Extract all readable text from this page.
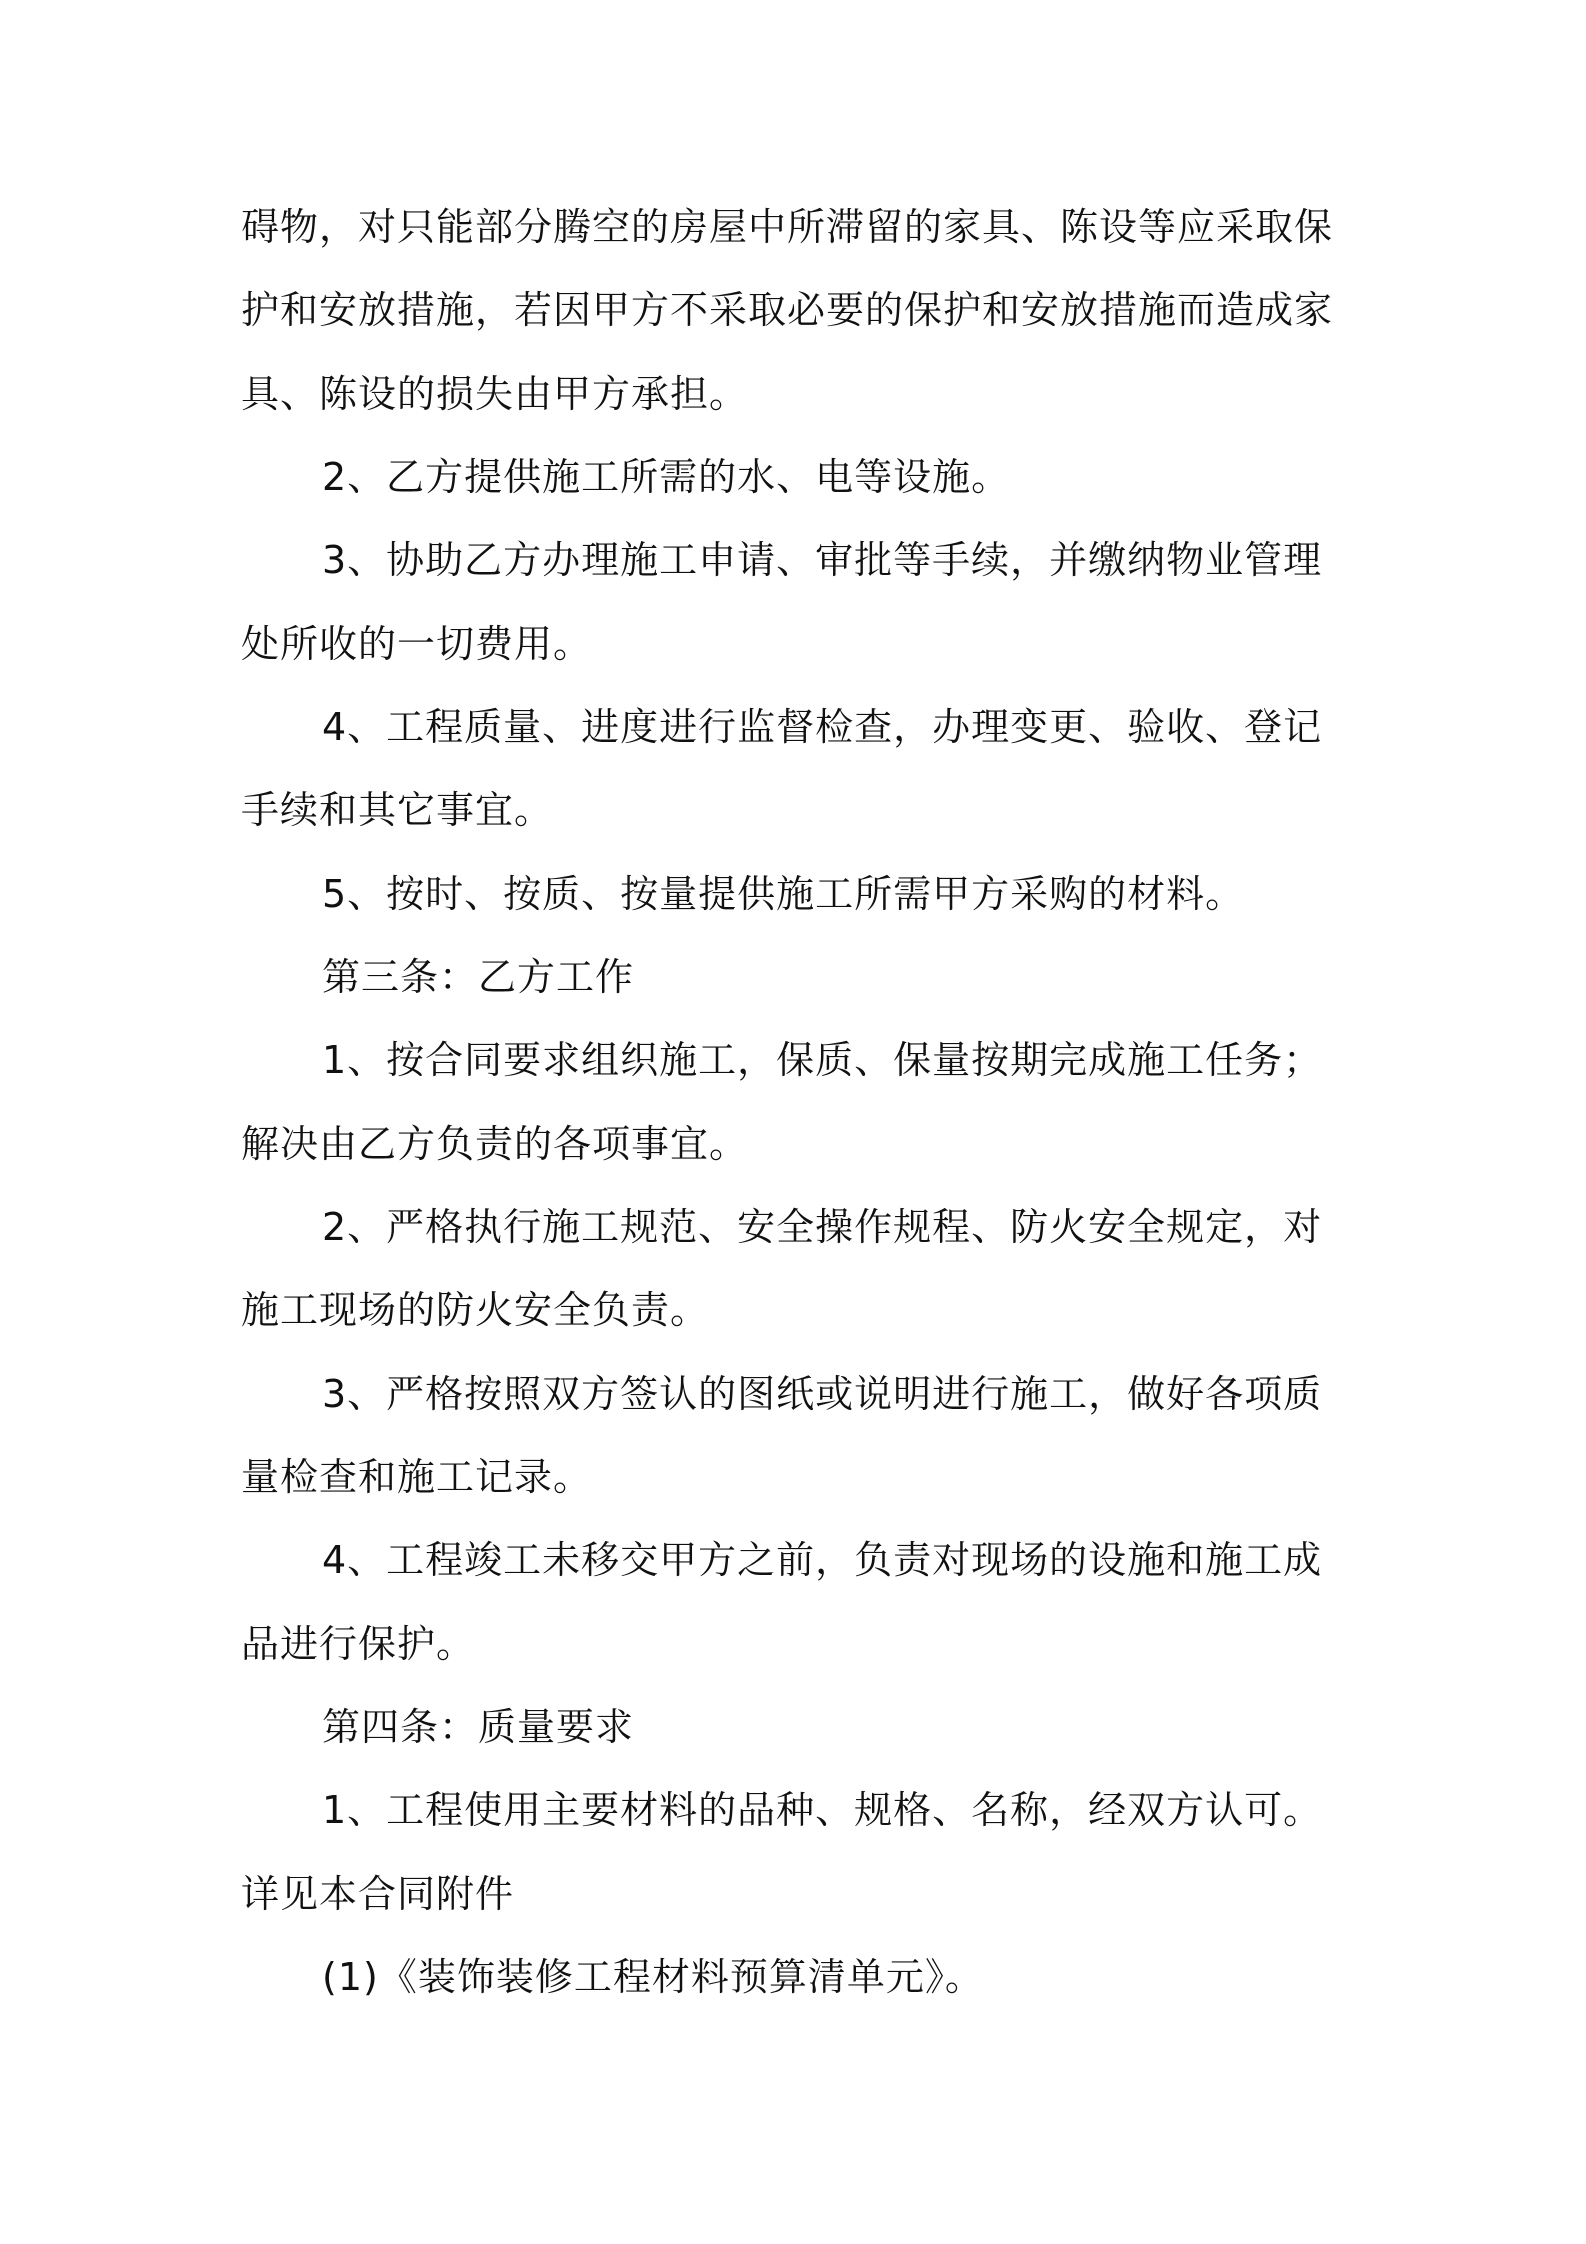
碍物，对只能部分腾空的房屋中所滞留的家具、陈设等应采取保
护和安放措施，若因甲方不采取必要的保护和安放措施而造成家
具、陈设的损失由甲方承担。
2、乙方提供施工所需的水、电等设施。
3、协助乙方办理施工申请、审批等手续，并缴纳物业管理
处所收的一切费用。
4、工程质量、进度进行监督检查，办理变更、验收、登记
手续和其它事宜。
5、按时、按质、按量提供施工所需甲方采购的材料。
第三条：乙方工作
1、按合同要求组织施工，保质、保量按期完成施工任务；
解决由乙方负责的各项事宜。
2、严格执行施工规范、安全操作规程、防火安全规定，对
施工现场的防火安全负责。
3、严格按照双方签认的图纸或说明进行施工，做好各项质
量检查和施工记录。
4、工程竣工未移交甲方之前，负责对现场的设施和施工成
品进行保护。
第四条：质量要求
1、工程使用主要材料的品种、规格、名称，经双方认可。
详见本合同附件
(1)《装饰装修工程材料预算清单元》。
